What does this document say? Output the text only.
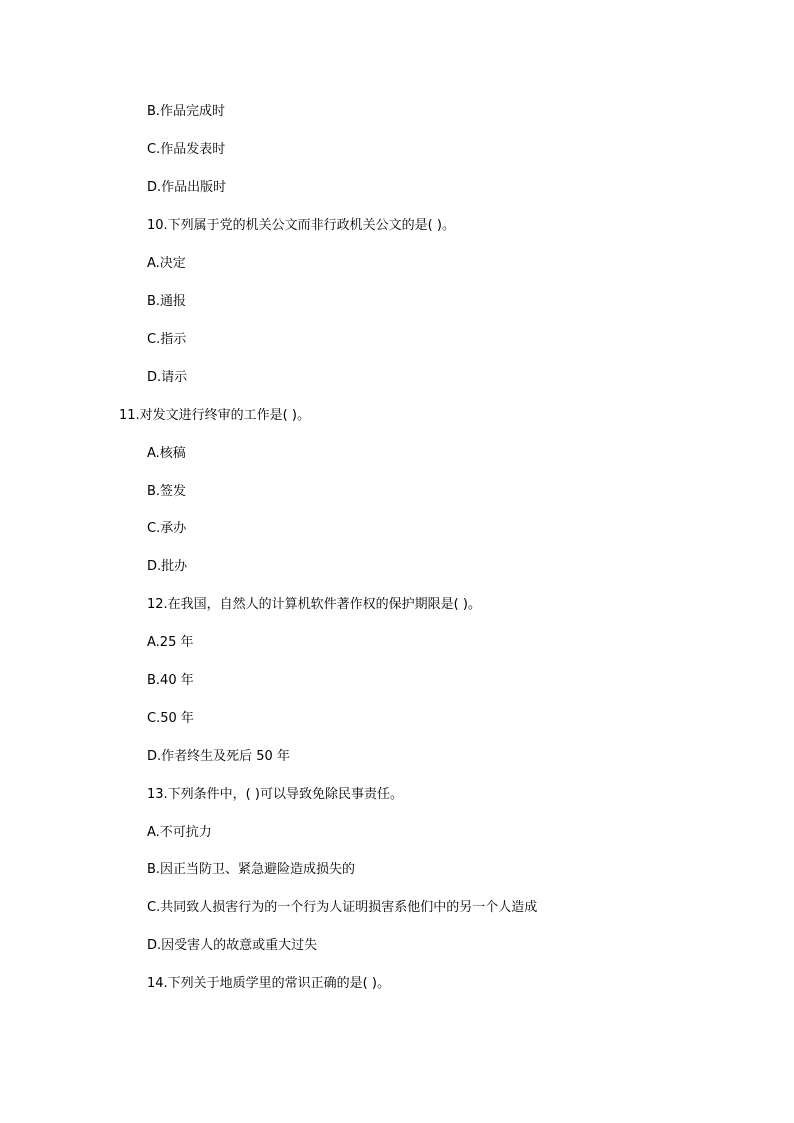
B.作品完成时
C.作品发表时
D.作品出版时
10.下列属于党的机关公文而非行政机关公文的是( )。
A.决定
B.通报
C.指示
D.请示
11.对发文进行终审的工作是( )。
A.核稿
B.签发
C.承办
D.批办
12.在我国，自然人的计算机软件著作权的保护期限是( )。
A.25 年
B.40 年
C.50 年
D.作者终生及死后 50 年
13.下列条件中，( )可以导致免除民事责任。
A.不可抗力
B.因正当防卫、紧急避险造成损失的
C.共同致人损害行为的一个行为人证明损害系他们中的另一个人造成
D.因受害人的故意或重大过失
14.下列关于地质学里的常识正确的是( )。
